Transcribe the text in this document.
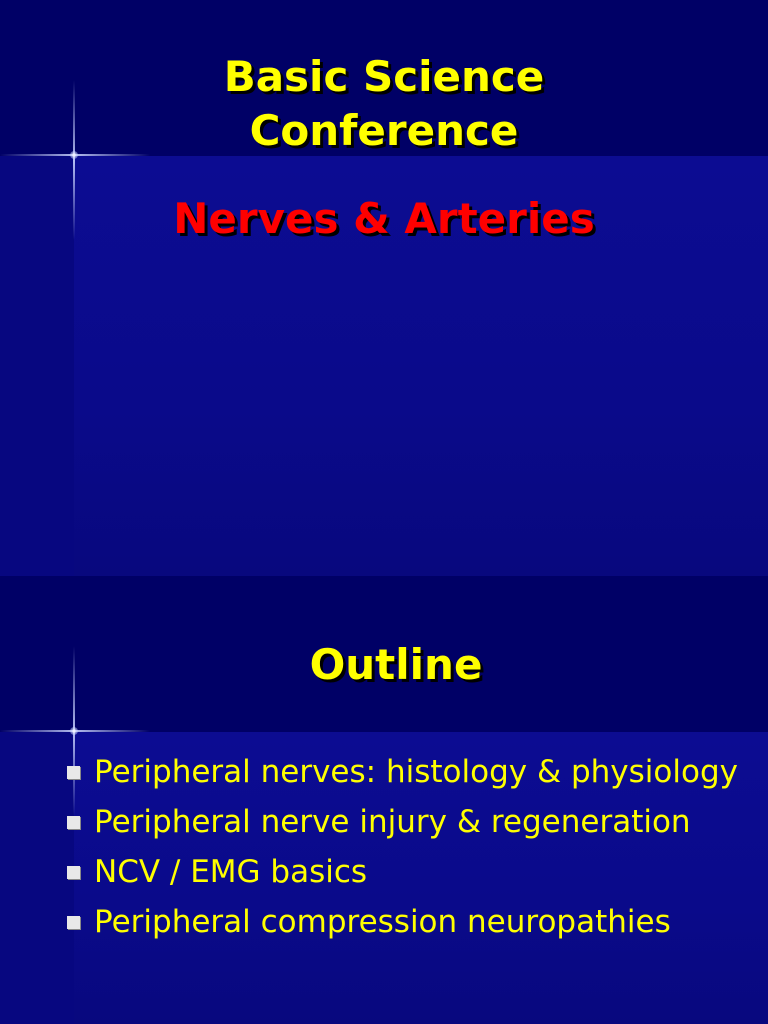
Basic Science
Conference
Nerves & Arteries
Outline
Peripheral nerves: histology & physiology
Peripheral nerve injury & regeneration
NCV / EMG basics
Peripheral compression neuropathies
